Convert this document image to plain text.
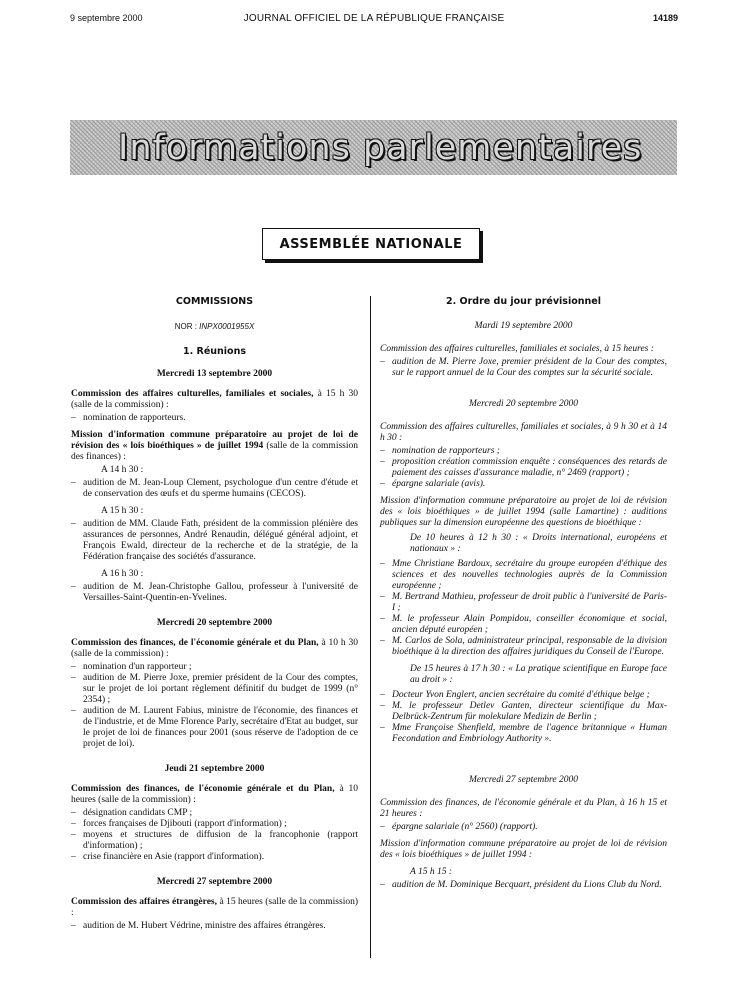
9 septembre 2000	JOURNAL OFFICIEL DE LA RÉPUBLIQUE FRANÇAISE	14189
Informations parlementaires
ASSEMBLÉE NATIONALE
COMMISSIONS
NOR : INPX0001955X
1. Réunions
Mercredi 13 septembre 2000
Commission des affaires culturelles, familiales et sociales, à 15 h 30 (salle de la commission) :
– nomination de rapporteurs.
Mission d'information commune préparatoire au projet de loi de révision des « lois bioéthiques » de juillet 1994 (salle de la commission des finances) :
A 14 h 30 :
– audition de M. Jean-Loup Clement, psychologue d'un centre d'étude et de conservation des œufs et du sperme humains (CECOS).
A 15 h 30 :
– audition de MM. Claude Fath, président de la commission plénière des assurances de personnes, André Renaudin, délégué général adjoint, et François Ewald, directeur de la recherche et de la stratégie, de la Fédération française des sociétés d'assurance.
A 16 h 30 :
– audition de M. Jean-Christophe Gallou, professeur à l'université de Versailles-Saint-Quentin-en-Yvelines.
Mercredi 20 septembre 2000
Commission des finances, de l'économie générale et du Plan, à 10 h 30 (salle de la commission) :
– nomination d'un rapporteur ;
– audition de M. Pierre Joxe, premier président de la Cour des comptes, sur le projet de loi portant règlement définitif du budget de 1999 (n° 2354) ;
– audition de M. Laurent Fabius, ministre de l'économie, des finances et de l'industrie, et de Mme Florence Parly, secrétaire d'Etat au budget, sur le projet de loi de finances pour 2001 (sous réserve de l'adoption de ce projet de loi).
Jeudi 21 septembre 2000
Commission des finances, de l'économie générale et du Plan, à 10 heures (salle de la commission) :
– désignation candidats CMP ;
– forces françaises de Djibouti (rapport d'information) ;
– moyens et structures de diffusion de la francophonie (rapport d'information) ;
– crise financière en Asie (rapport d'information).
Mercredi 27 septembre 2000
Commission des affaires étrangères, à 15 heures (salle de la commission) :
– audition de M. Hubert Védrine, ministre des affaires étrangères.
2. Ordre du jour prévisionnel
Mardi 19 septembre 2000
Commission des affaires culturelles, familiales et sociales, à 15 heures :
– audition de M. Pierre Joxe, premier président de la Cour des comptes, sur le rapport annuel de la Cour des comptes sur la sécurité sociale.
Mercredi 20 septembre 2000
Commission des affaires culturelles, familiales et sociales, à 9 h 30 et à 14 h 30 :
– nomination de rapporteurs ;
– proposition création commission enquête : conséquences des retards de paiement des caisses d'assurance maladie, n° 2469 (rapport) ;
– épargne salariale (avis).
Mission d'information commune préparatoire au projet de loi de révision des « lois bioéthiques » de juillet 1994 (salle Lamartine) : auditions publiques sur la dimension européenne des questions de bioéthique :
De 10 heures à 12 h 30 : « Droits international, européens et nationaux » :
– Mme Christiane Bardoux, secrétaire du groupe européen d'éthique des sciences et des nouvelles technologies auprès de la Commission européenne ;
– M. Bertrand Mathieu, professeur de droit public à l'université de Paris-I ;
– M. le professeur Alain Pompidou, conseiller économique et social, ancien député européen ;
– M. Carlos de Sola, administrateur principal, responsable de la division bioéthique à la direction des affaires juridiques du Conseil de l'Europe.
De 15 heures à 17 h 30 : « La pratique scientifique en Europe face au droit » :
– Docteur Yvon Englert, ancien secrétaire du comité d'éthique belge ;
– M. le professeur Detlev Ganten, directeur scientifique du Max-Delbrück-Zentrum für molekulare Medizin de Berlin ;
– Mme Françoise Shenfield, membre de l'agence britannique « Human Fecondation and Embriology Authority ».
Mercredi 27 septembre 2000
Commission des finances, de l'économie générale et du Plan, à 16 h 15 et 21 heures :
– épargne salariale (n° 2560) (rapport).
Mission d'information commune préparatoire au projet de loi de révision des « lois bioéthiques » de juillet 1994 :
A 15 h 15 :
– audition de M. Dominique Becquart, président du Lions Club du Nord.
